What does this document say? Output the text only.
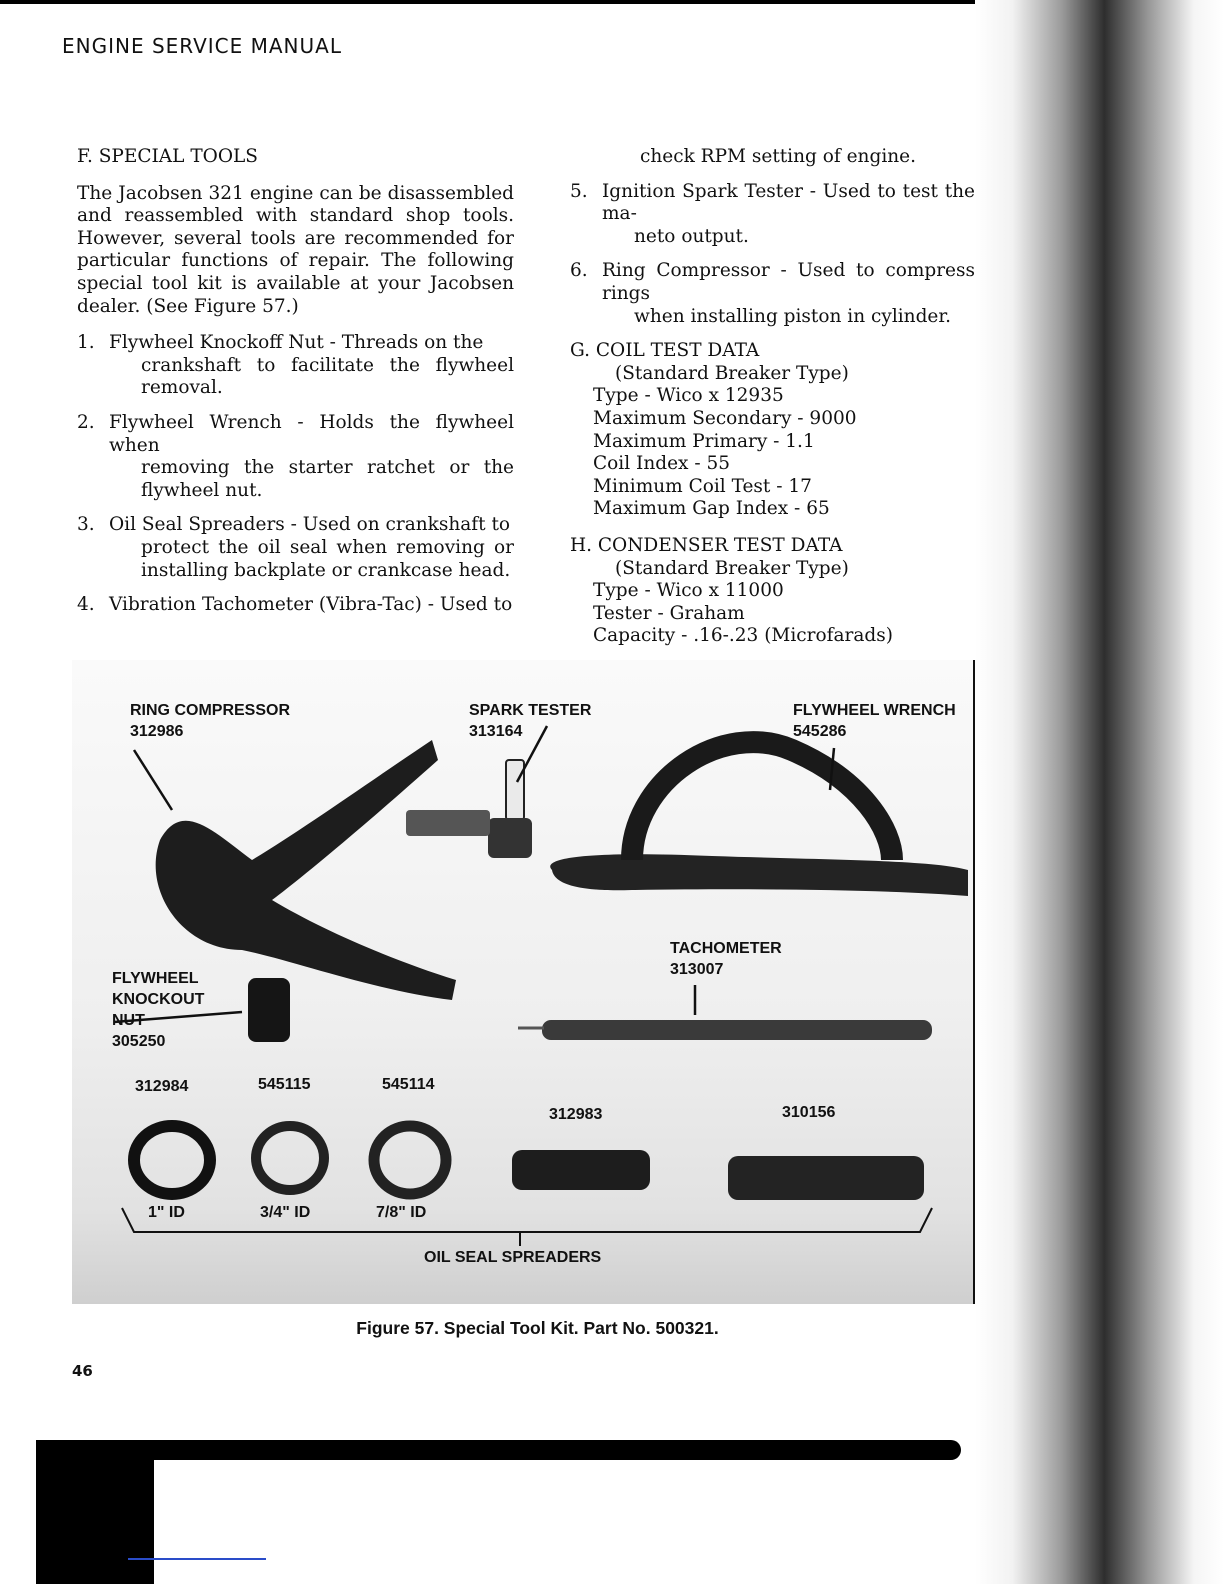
ENGINE SERVICE MANUAL

F. SPECIAL TOOLS

The Jacobsen 321 engine can be disassembled and reassembled with standard shop tools. However, several tools are recommended for particular functions of repair. The following special tool kit is available at your Jacobsen dealer. (See Figure 57.)

1. Flywheel Knockoff Nut - Threads on the
crankshaft to facilitate the flywheel removal.
2. Flywheel Wrench - Holds the flywheel when
removing the starter ratchet or the flywheel nut.
3. Oil Seal Spreaders - Used on crankshaft to
protect the oil seal when removing or installing backplate or crankcase head.
4. Vibration Tachometer (Vibra-Tac) - Used to
check RPM setting of engine.
5. Ignition Spark Tester - Used to test the ma-
neto output.
6. Ring Compressor - Used to compress rings
when installing piston in cylinder.
G. COIL TEST DATA
(Standard Breaker Type)
Type - Wico x 12935
Maximum Secondary - 9000
Maximum Primary - 1.1
Coil Index - 55
Minimum Coil Test - 17
Maximum Gap Index - 65
H. CONDENSER TEST DATA
(Standard Breaker Type)
Type - Wico x 11000
Tester - Graham
Capacity - .16-.23 (Microfarads)
RING COMPRESSOR
312986
SPARK TESTER
313164
FLYWHEEL WRENCH
545286
TACHOMETER
313007
FLYWHEEL
KNOCKOUT
NUT
305250
312984	545115	545114
312983	310156
1" ID	3/4" ID	7/8" ID
OIL SEAL SPREADERS
Figure 57. Special Tool Kit. Part No. 500321.
46
